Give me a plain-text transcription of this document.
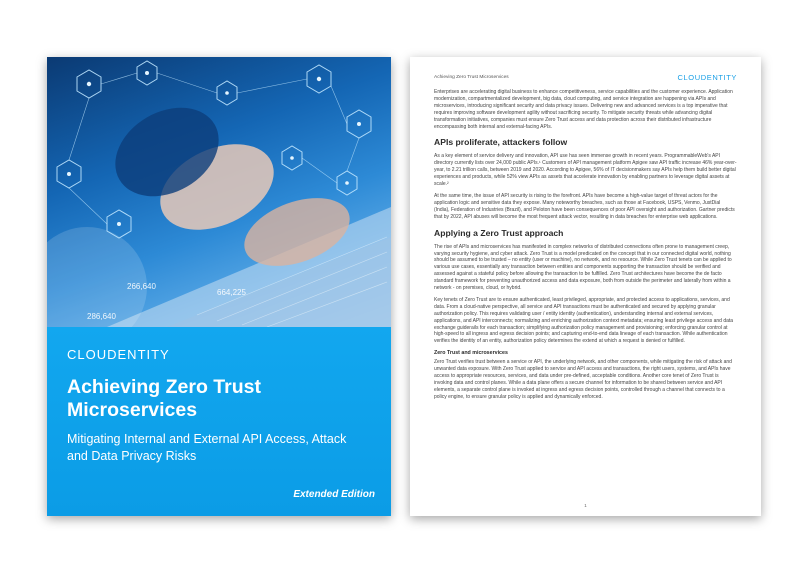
266,640
664,225
286,640
CLOUDENTITY
Achieving Zero Trust Microservices
Mitigating Internal and External API Access, Attack and Data Privacy Risks
Extended Edition
Achieving Zero Trust Microservices	CLOUDENTITY

Enterprises are accelerating digital business to enhance competitiveness, service capabilities and the customer experience. Application modernization, compartmentalized development, big data, cloud computing, and service integration are happening via APIs and microservices, introducing significant security and data privacy issues. Delivering new and advanced services is a top imperative that requires improving software development agility without sacrificing security. To mitigate security threats while advancing digital transformation initiatives, companies must ensure Zero Trust access and data protection across their distributed infrastructure encompassing both internal and external-facing APIs.

APIs proliferate, attackers follow

As a key element of service delivery and innovation, API use has seen immense growth in recent years. ProgrammableWeb's API directory currently lists over 24,000 public APIs.¹ Customers of API management platform Apigee saw API traffic increase 46% year-over-year, to 2.21 trillion calls, between 2019 and 2020. According to Apigee, 56% of IT decisionmakers say APIs help them build better digital experiences and products, while 52% view APIs as assets that accelerate innovation by enabling partners to leverage digital assets at scale.²

At the same time, the issue of API security is rising to the forefront. APIs have become a high-value target of threat actors for the application logic and sensitive data they expose. Many noteworthy breaches, such as those at Facebook, USPS, Venmo, JustDial (India), Federation of Industries (Brazil), and Peloton have been consequences of poor API oversight and authorization. Gartner predicts that by 2022, API abuses will become the most frequent attack vector, resulting in data breaches for enterprise web applications.

Applying a Zero Trust approach

The rise of APIs and microservices has manifested in complex networks of distributed connections often prone to management creep, varying security hygiene, and cyber attack. Zero Trust is a model predicated on the concept that in our connected digital world, nothing should be assumed to be trusted – no entity (user or machine), no network, and no resource. While Zero Trust tenets can be applied to various use cases, essentially any transaction between entities and components supporting the transaction should be verified and assessed against a stateful policy before allowing the transaction to be fulfilled. Zero Trust architectures have become the de facto standard framework for preventing unauthorized access and data exposure, both from outside the perimeter and laterally from within a network - on premises, cloud, or hybrid.

Key tenets of Zero Trust are to ensure authenticated, least privileged, appropriate, and protected access to applications, services, and data. From a cloud-native perspective, all service and API transactions must be authenticated and secured by applying granular authorization policy. This requires validating user / entity identity (authentication), understanding internal and external services, applications, and API interconnects; normalizing and enriching authorization context metadata; ensuring least privilege access and data exchange guiderails for each transaction; simplifying authorization policy management and provisioning; enforcing granular control at high-speed to all ingress and egress decision points; and capturing end-to-end data lineage of each transaction. While authentication verifies the identity of an entity, authorization policy determines the extend at which a request is denied or fulfilled.

Zero Trust and microservices

Zero Trust verifies trust between a service or API, the underlying network, and other components, while mitigating the risk of attack and unwanted data exposure. With Zero Trust applied to service and API access and transactions, the right users, systems, and APIs have access to appropriate resources, services, and data under pre-defined, acceptable conditions. Another core tenet of Zero Trust is invoking data and control planes. While a data plane offers a secure channel for information to be shared between service and API elements, a separate control plane is invoked at ingress and egress decision points, controlled through a channel that connects to a policy engine, to ensure granular policy is applied and dynamically enforced.

1
